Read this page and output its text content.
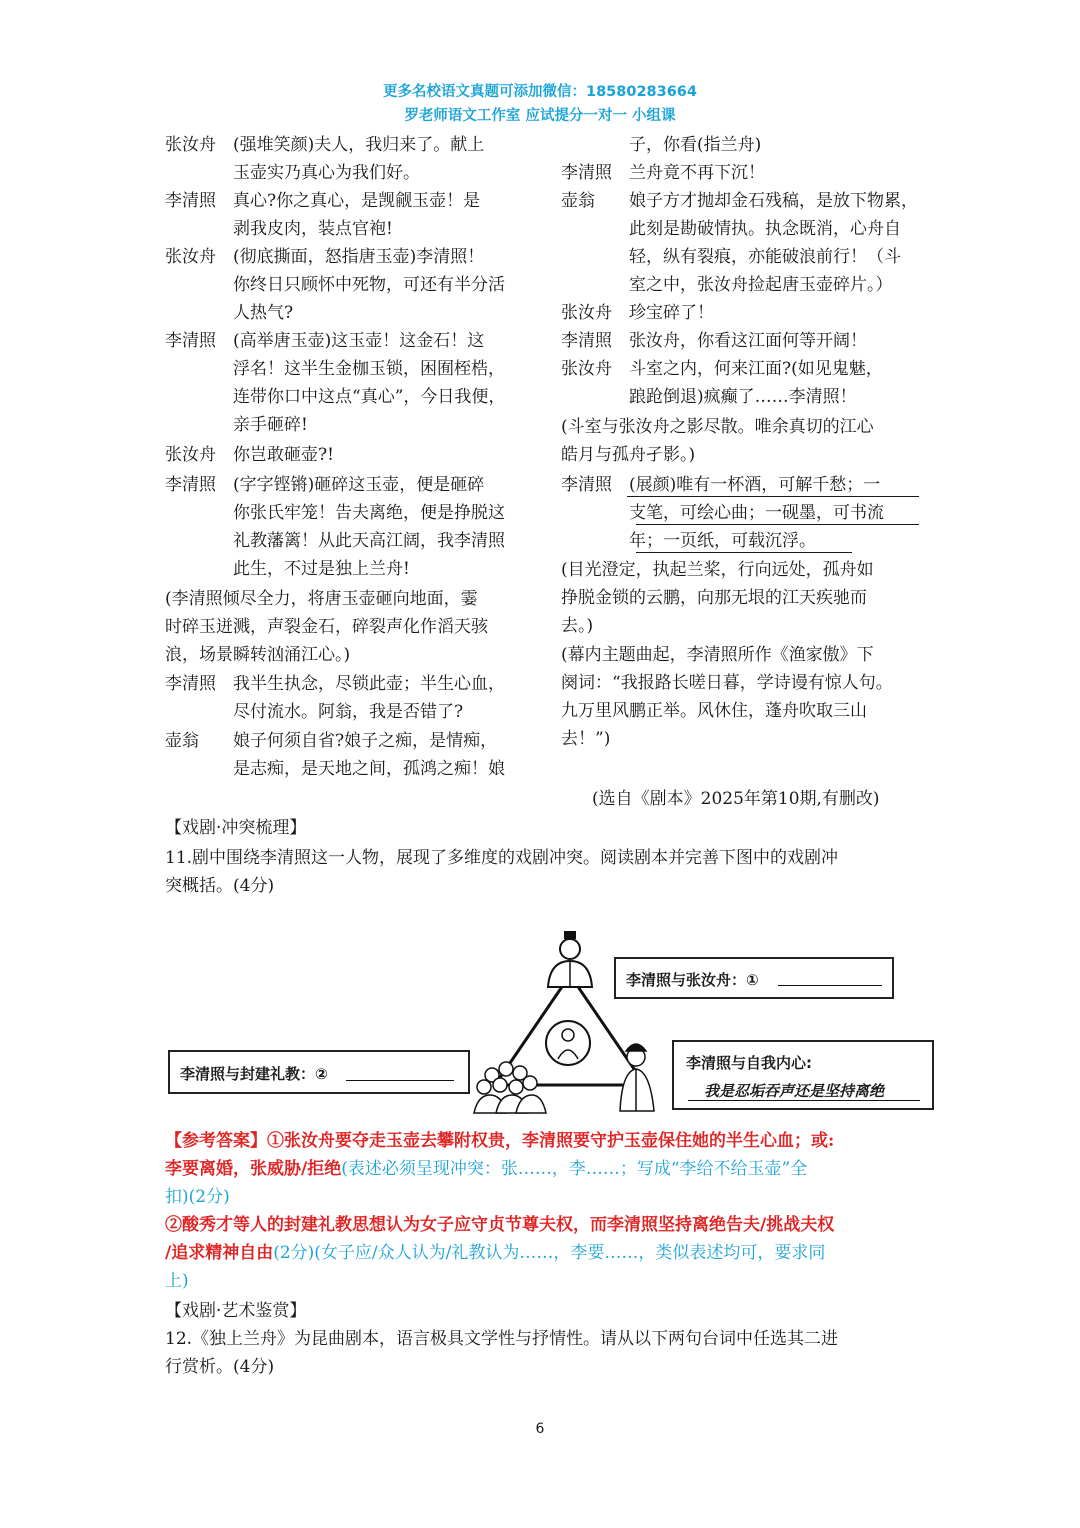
更多名校语文真题可添加微信：18580283664
罗老师语文工作室 应试提分一对一 小组课
张汝舟　(强堆笑颜)夫人，我归来了。献上
　　　　玉壶实乃真心为我们好。
李清照　真心?你之真心，是觊觎玉壶！是
　　　　剥我皮肉，装点官袍!
张汝舟　(彻底撕面，怒指唐玉壶)李清照！
　　　　你终日只顾怀中死物，可还有半分活
　　　　人热气?
李清照　(高举唐玉壶)这玉壶！这金石！这
　　　　浮名！这半生金枷玉锁，困囿桎梏，
　　　　连带你口中这点“真心”，今日我便，
　　　　亲手砸碎!
张汝舟　你岂敢砸壶?!
李清照　(字字铿锵)砸碎这玉壶，便是砸碎
　　　　你张氏牢笼！告夫离绝，便是挣脱这
　　　　礼教藩篱！从此天高江阔，我李清照
　　　　此生，不过是独上兰舟!
(李清照倾尽全力，将唐玉壶砸向地面，霎
时碎玉迸溅，声裂金石，碎裂声化作滔天骇
浪，场景瞬转汹涌江心。)
李清照　我半生执念，尽锁此壶；半生心血，
　　　　尽付流水。阿翁，我是否错了?
壶翁　　娘子何须自省?娘子之痴，是情痴，
　　　　是志痴，是天地之间，孤鸿之痴！娘
　　　　子，你看(指兰舟)
李清照　兰舟竟不再下沉！
壶翁　　娘子方才抛却金石残稿，是放下物累，
　　　　此刻是勘破情执。执念既消，心舟自
　　　　轻，纵有裂痕，亦能破浪前行！（斗
　　　　室之中，张汝舟捡起唐玉壶碎片。）
张汝舟　珍宝碎了！
李清照　张汝舟，你看这江面何等开阔！
张汝舟　斗室之内，何来江面?(如见鬼魅，
　　　　踉跄倒退)疯癫了……李清照！
(斗室与张汝舟之影尽散。唯余真切的江心
皓月与孤舟孑影。)
李清照　(展颜)唯有一杯酒，可解千愁；一
　　　　支笔，可绘心曲；一砚墨，可书流
　　　　年；一页纸，可载沉浮。
(目光澄定，执起兰桨，行向远处，孤舟如
挣脱金锁的云鹏，向那无垠的江天疾驰而
去。)
(幕内主题曲起，李清照所作《渔家傲》下
阕词：“我报路长嗟日暮，学诗谩有惊人句。
九万里风鹏正举。风休住，蓬舟吹取三山
去！”)
(选自《剧本》2025年第10期,有删改)
【戏剧·冲突梳理】
11.剧中围绕李清照这一人物，展现了多维度的戏剧冲突。阅读剧本并完善下图中的戏剧冲
突概括。(4分)
李清照与张汝舟：①
李清照与封建礼教：②
李清照与自我内心:
我是忍垢吞声还是坚持离绝
【参考答案】①张汝舟要夺走玉壶去攀附权贵，李清照要守护玉壶保住她的半生心血；或:
李要离婚，张威胁/拒绝(表述必须呈现冲突：张……，李……；写成“李给不给玉壶”全
扣)(2分)
②酸秀才等人的封建礼教思想认为女子应守贞节尊夫权，而李清照坚持离绝告夫/挑战夫权
/追求精神自由(2分)(女子应/众人认为/礼教认为……，李要……，类似表述均可，要求同
上)
【戏剧·艺术鉴赏】
12.《独上兰舟》为昆曲剧本，语言极具文学性与抒情性。请从以下两句台词中任选其二进
行赏析。(4分)
6
